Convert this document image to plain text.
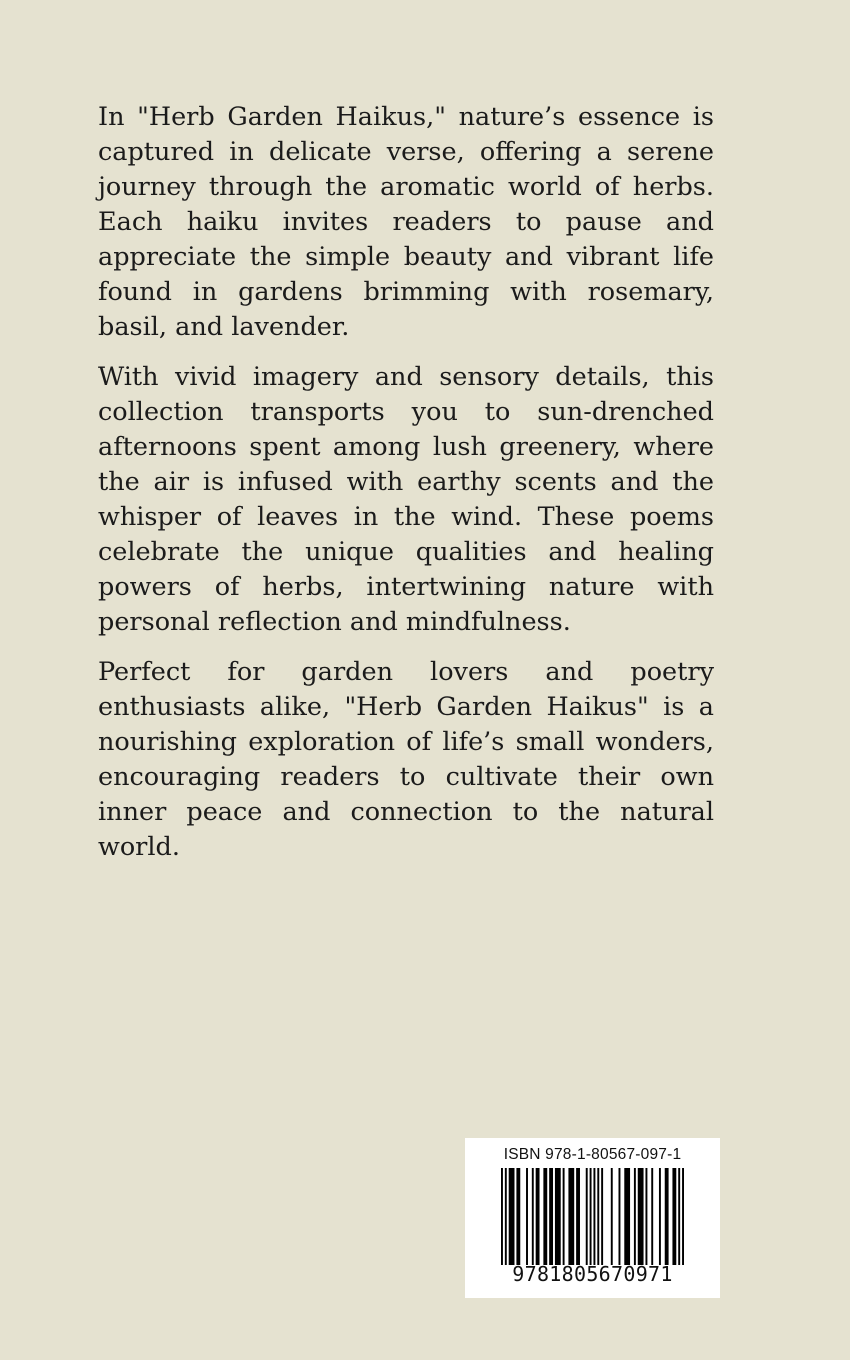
In "Herb Garden Haikus," nature’s essence is captured in delicate verse, offering a serene journey through the aromatic world of herbs. Each haiku invites readers to pause and appreciate the simple beauty and vibrant life found in gardens brimming with rosemary, basil, and lavender.

With vivid imagery and sensory details, this collection transports you to sun-drenched afternoons spent among lush greenery, where the air is infused with earthy scents and the whisper of leaves in the wind. These poems celebrate the unique qualities and healing powers of herbs, intertwining nature with personal reflection and mindfulness.

Perfect for garden lovers and poetry enthusiasts alike, "Herb Garden Haikus" is a nourishing exploration of life’s small wonders, encouraging readers to cultivate their own inner peace and connection to the natural world.

ISBN 978-1-80567-097-1
9781805670971
